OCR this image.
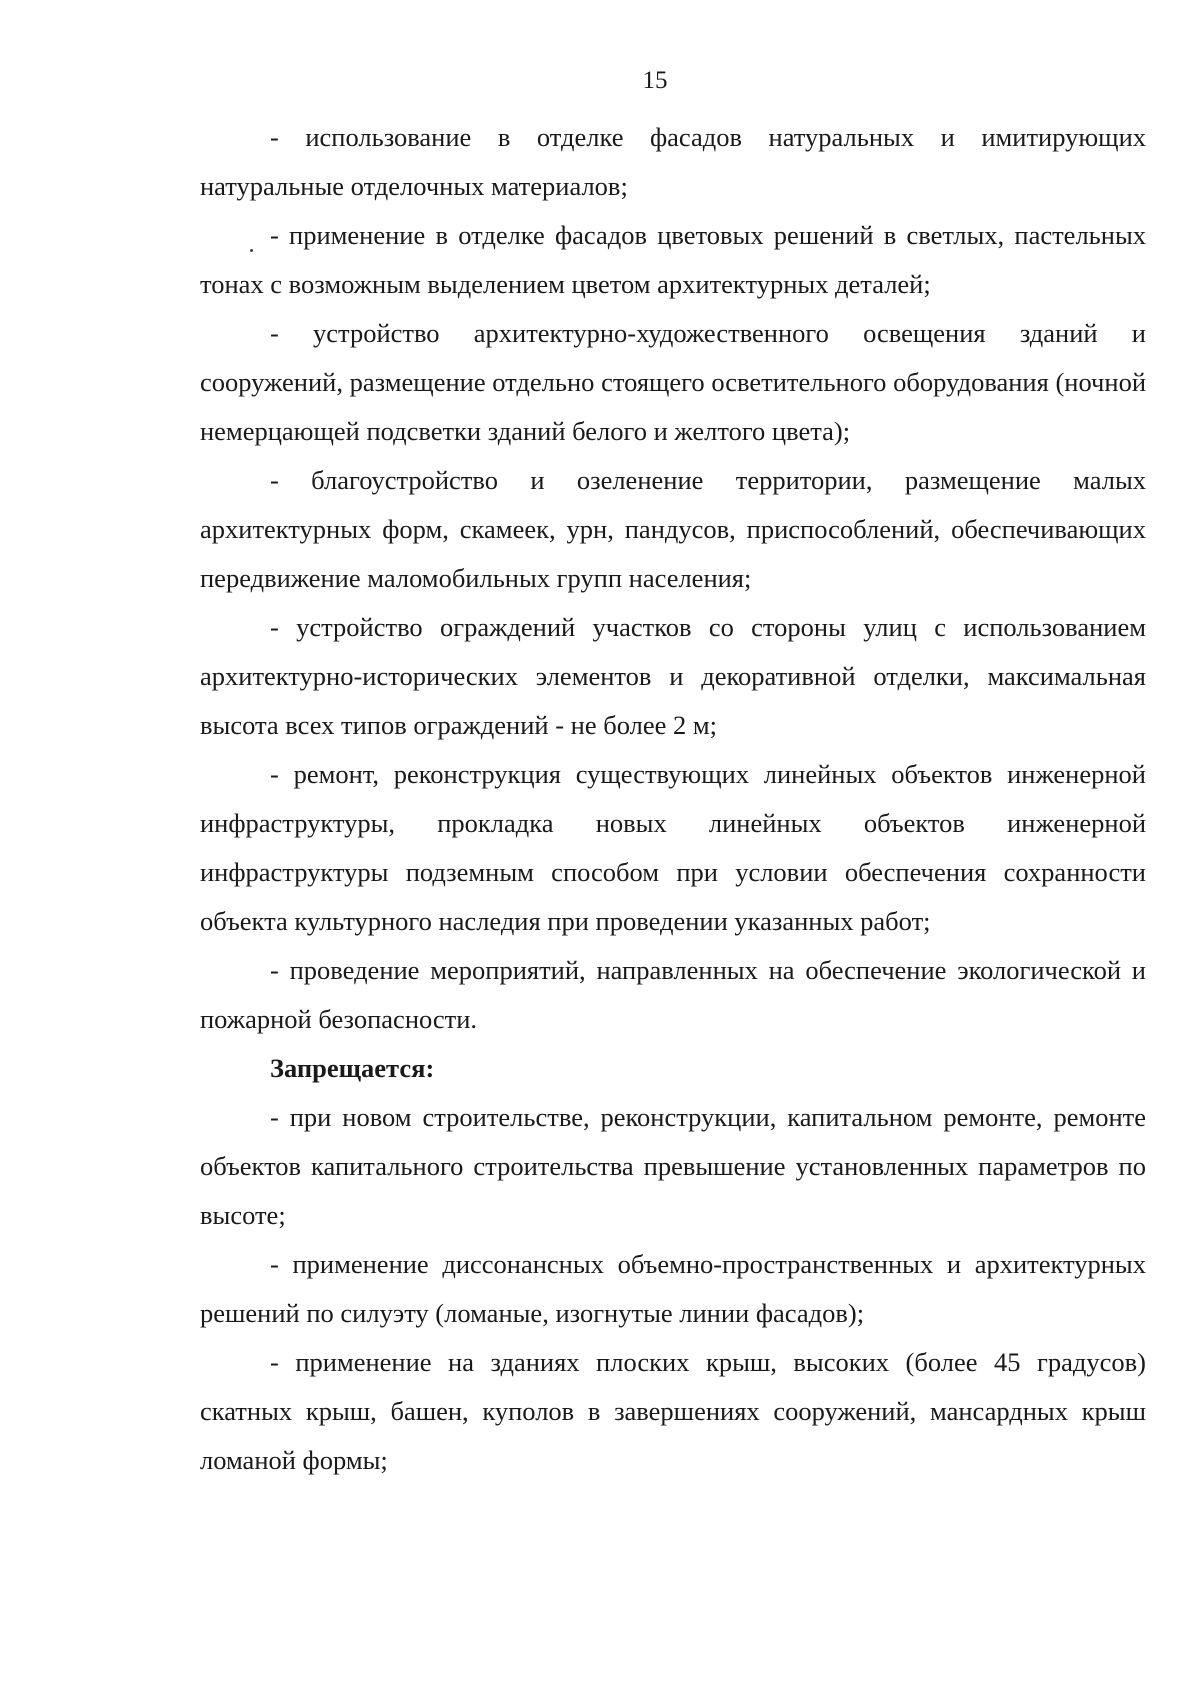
15

- использование в отделке фасадов натуральных и имитирующих натуральные отделочных материалов;

- применение в отделке фасадов цветовых решений в светлых, пастельных тонах с возможным выделением цветом архитектурных деталей;

- устройство архитектурно-художественного освещения зданий и сооружений, размещение отдельно стоящего осветительного оборудования (ночной немерцающей подсветки зданий белого и желтого цвета);

- благоустройство и озеленение территории, размещение малых архитектурных форм, скамеек, урн, пандусов, приспособлений, обеспечивающих передвижение маломобильных групп населения;

- устройство ограждений участков со стороны улиц с использованием архитектурно-исторических элементов и декоративной отделки, максимальная высота всех типов ограждений - не более 2 м;

- ремонт, реконструкция существующих линейных объектов инженерной инфраструктуры, прокладка новых линейных объектов инженерной инфраструктуры подземным способом при условии обеспечения сохранности объекта культурного наследия при проведении указанных работ;

- проведение мероприятий, направленных на обеспечение экологической и пожарной безопасности.

Запрещается:

- при новом строительстве, реконструкции, капитальном ремонте, ремонте объектов капитального строительства превышение установленных параметров по высоте;

- применение диссонансных объемно-пространственных и архитектурных решений по силуэту (ломаные, изогнутые линии фасадов);

- применение на зданиях плоских крыш, высоких (более 45 градусов) скатных крыш, башен, куполов в завершениях сооружений, мансардных крыш ломаной формы;
